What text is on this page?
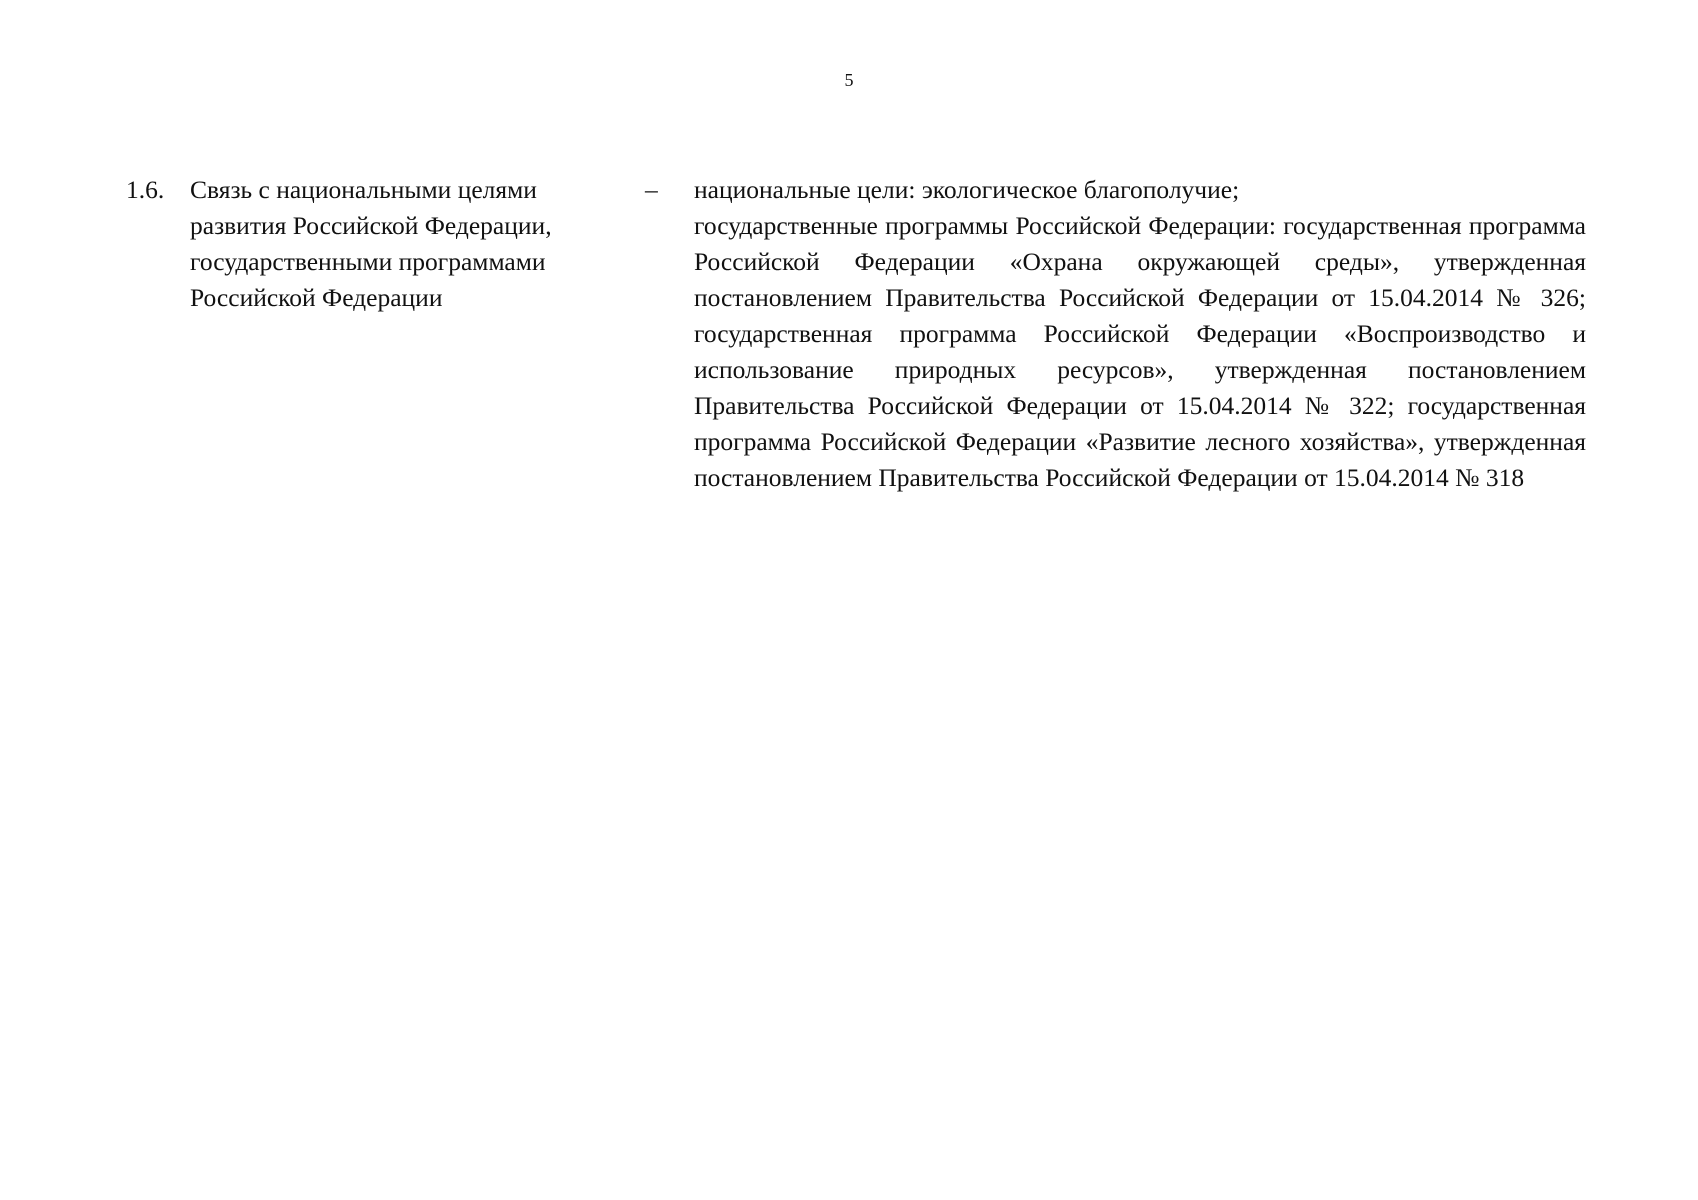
5
1.6. Связь с национальными целями
развития Российской Федерации,
государственными программами
Российской Федерации
– национальные цели: экологическое благополучие;

государственные программы Российской Федерации: государственная программа Российской Федерации «Охрана окружающей среды», утвержденная постановлением Правительства Российской Федерации от 15.04.2014 № 326; государственная программа Российской Федерации «Воспроизводство и использование природных ресурсов», утвержденная постановлением Правительства Российской Федерации от 15.04.2014 № 322; государственная программа Российской Федерации «Развитие лесного хозяйства», утвержденная постановлением Правительства Российской Федерации от 15.04.2014 № 318
